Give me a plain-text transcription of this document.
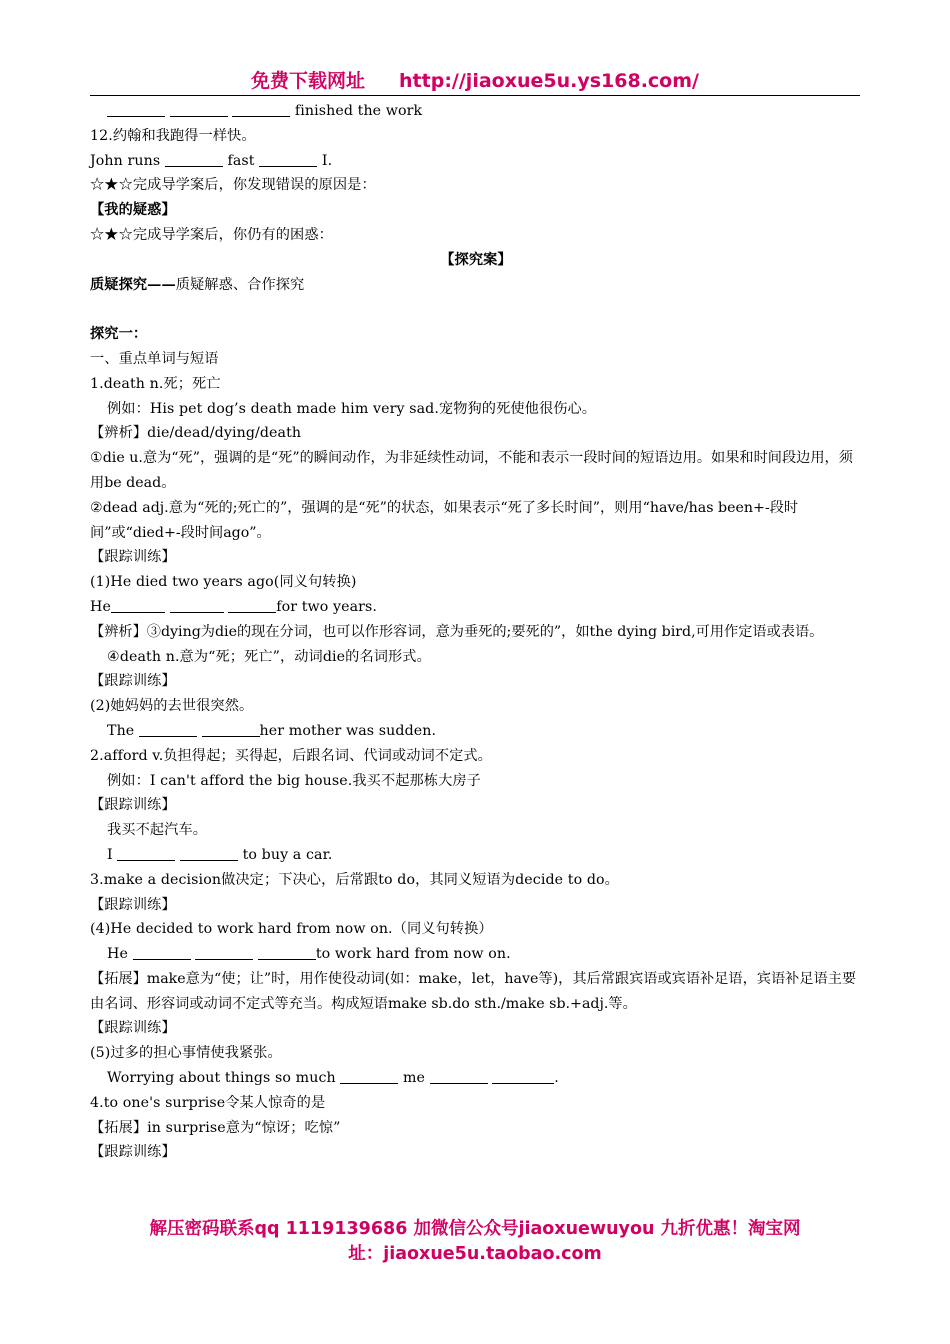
免费下载网址 http://jiaoxue5u.ys168.com/
finished the work
12.约翰和我跑得一样快。
John runs	fast	I.
☆★☆完成导学案后，你发现错误的原因是：
【我的疑惑】
☆★☆完成导学案后，你仍有的困惑：
【探究案】
质疑探究——质疑解惑、合作探究
探究一：
一、重点单词与短语
1.death n.死；死亡
例如：His pet dog’s death made him very sad.宠物狗的死使他很伤心。
【辨析】die/dead/dying/death
①die u.意为“死”，强调的是“死”的瞬间动作，为非延续性动词，不能和表示一段时间的短语边用。如果和时间段边用，须用be dead。
②dead adj.意为“死的;死亡的”，强调的是“死”的状态，如果表示“死了多长时间”，则用“have/has been+-段时间”或“died+-段时间ago”。
【跟踪训练】
(1)He died two years ago(同义句转换)
He	for two years.
【辨析】③dying为die的现在分词，也可以作形容词，意为垂死的;要死的”，如the dying bird,可用作定语或表语。
④death n.意为“死；死亡”，动词die的名词形式。
【跟踪训练】
(2)她妈妈的去世很突然。
The	her mother was sudden.
2.afford v.负担得起；买得起，后跟名词、代词或动词不定式。
例如：I can't afford the big house.我买不起那栋大房子
【跟踪训练】
我买不起汽车。
I	to buy a car.
3.make a decision做决定；下决心，后常跟to do，其同义短语为decide to do。
【跟踪训练】
(4)He decided to work hard from now on.（同义句转换）
He	to work hard from now on.
【拓展】make意为“使；让”时，用作使役动词(如：make，let，have等)，其后常跟宾语或宾语补足语，宾语补足语主要由名词、形容词或动词不定式等充当。构成短语make sb.do sth./make sb.+adj.等。
【跟踪训练】
(5)过多的担心事情使我紧张。
Worrying about things so much	me	.
4.to one's surprise令某人惊奇的是
【拓展】in surprise意为“惊讶；吃惊”
【跟踪训练】
解压密码联系qq 1119139686 加微信公众号jiaoxuewuyou 九折优惠！淘宝网
址：jiaoxue5u.taobao.com
